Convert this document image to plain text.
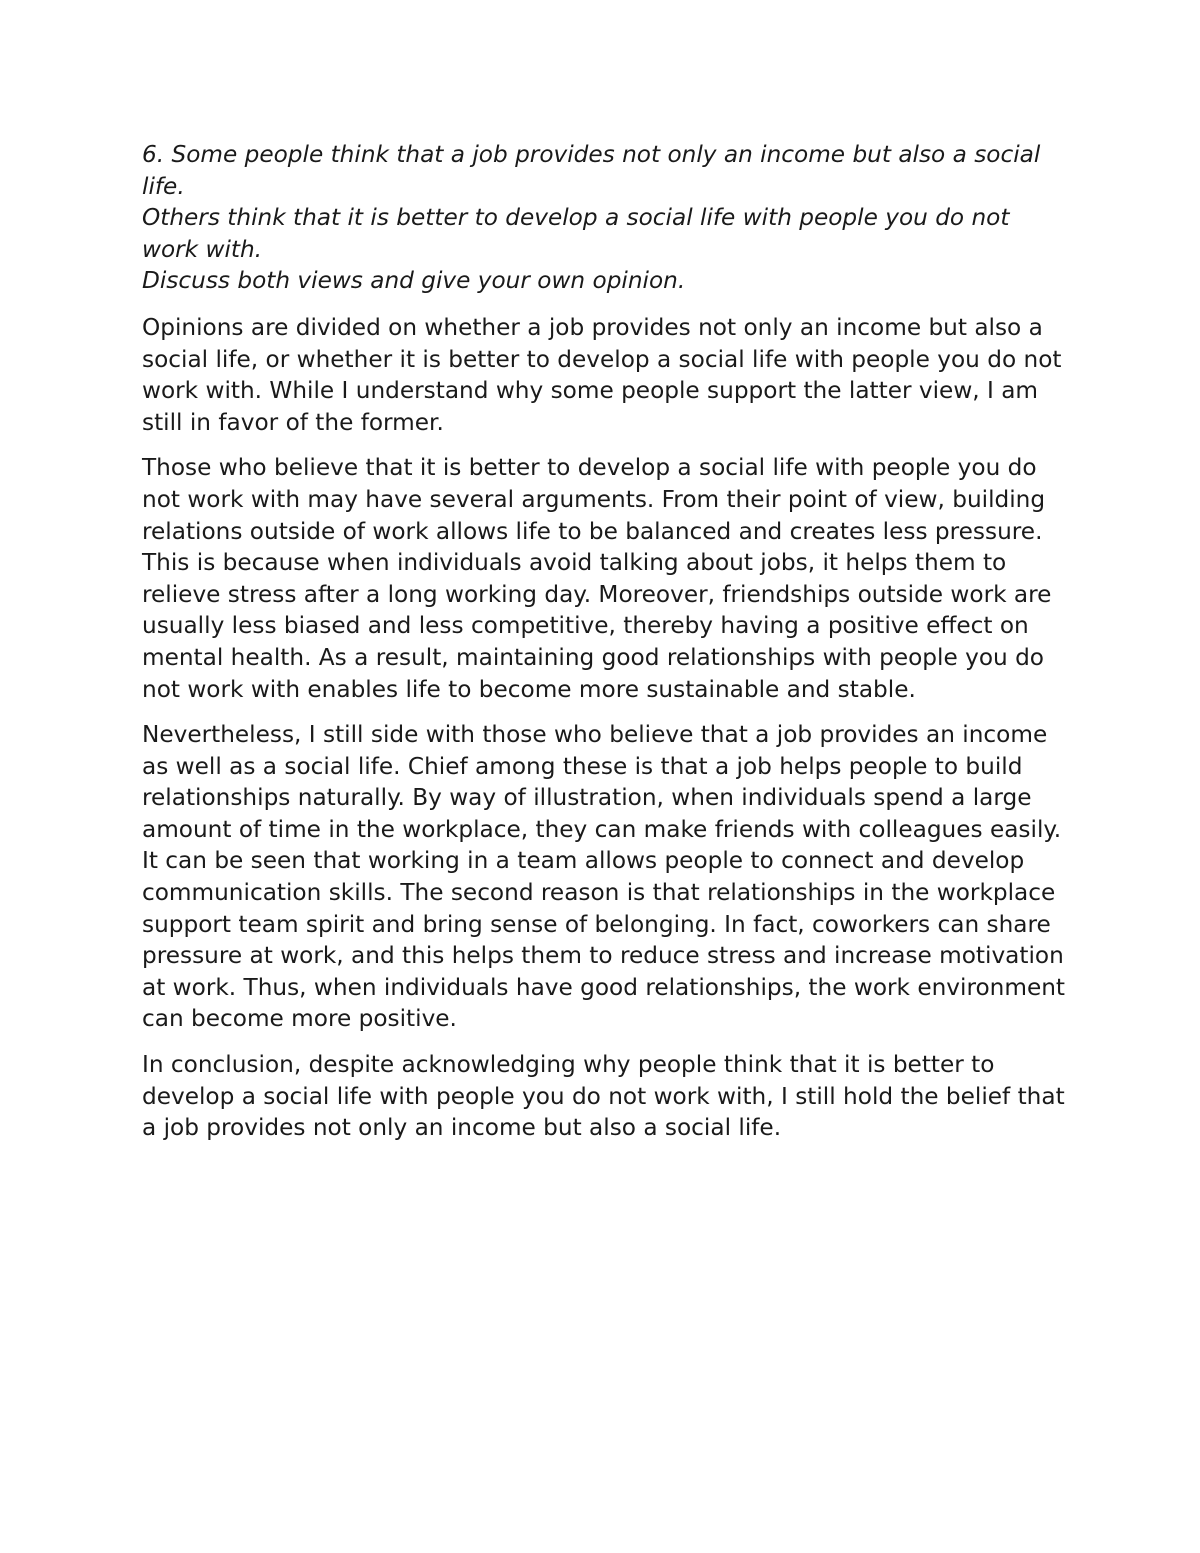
6. Some people think that a job provides not only an income but also a social life.
Others think that it is better to develop a social life with people you do not work with.
Discuss both views and give your own opinion.

Opinions are divided on whether a job provides not only an income but also a social life, or whether it is better to develop a social life with people you do not work with. While I understand why some people support the latter view, I am still in favor of the former.

Those who believe that it is better to develop a social life with people you do not work with may have several arguments. From their point of view, building relations outside of work allows life to be balanced and creates less pressure. This is because when individuals avoid talking about jobs, it helps them to relieve stress after a long working day. Moreover, friendships outside work are usually less biased and less competitive, thereby having a positive effect on mental health. As a result, maintaining good relationships with people you do not work with enables life to become more sustainable and stable.

Nevertheless, I still side with those who believe that a job provides an income as well as a social life. Chief among these is that a job helps people to build relationships naturally. By way of illustration, when individuals spend a large amount of time in the workplace, they can make friends with colleagues easily. It can be seen that working in a team allows people to connect and develop communication skills. The second reason is that relationships in the workplace support team spirit and bring sense of belonging. In fact, coworkers can share pressure at work, and this helps them to reduce stress and increase motivation at work. Thus, when individuals have good relationships, the work environment can become more positive.

In conclusion, despite acknowledging why people think that it is better to develop a social life with people you do not work with, I still hold the belief that a job provides not only an income but also a social life.
